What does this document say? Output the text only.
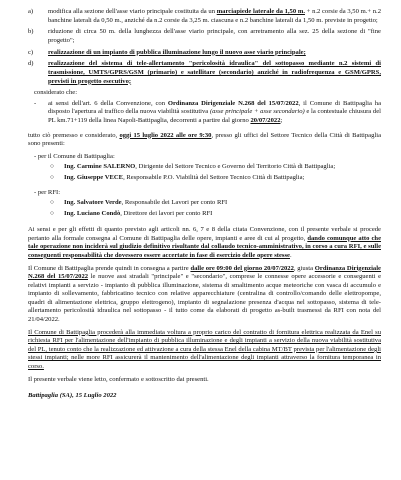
a)	modifica alla sezione dell'asse viario principale costituita da un marciapiede laterale da 1,50 m. + n.2 corsie da 3,50 m.+ n.2 banchine laterali da 0,50 m., anziché da n.2 corsie da 3,25 m. ciascuna e n.2 banchine laterali da 1,50 m. previste in progetto;
b)	riduzione di circa 50 m. della lunghezza dell'asse viario principale, con arretramento alla sez. 25 della sezione di "fine progetto";
c)	realizzazione di un impianto di pubblica illuminazione lungo il nuovo asse viario principale;
d)	realizzazione del sistema di tele-allertamento "pericolosità idraulica" del sottopasso mediante n.2 sistemi di trasmissione, UMTS/GPRS/GSM (primario) e satellitare (secondario) anziché in radiofrequenza e GSM/GPRS, previsti in progetto esecutivo;

considerato che:

-	ai sensi dell'art. 6 della Convenzione, con Ordinanza Dirigenziale N.268 del 15/07/2022, il Comune di Battipaglia ha disposto l'apertura al traffico della nuova viabilità sostitutiva (asse principale + asse secondario) e la contestuale chiusura del PL km.71+119 della linea Napoli-Battipaglia, decorrenti a partire dal giorno 20/07/2022;

tutto ciò premesso e considerato, oggi 15 luglio 2022 alle ore 9:30, presso gli uffici del Settore Tecnico della Città di Battipaglia sono presenti:

- per il Comune di Battipaglia:

○	Ing. Carmine SALERNO, Dirigente del Settore Tecnico e Governo del Territorio Città di Battipaglia;
○	Ing. Giuseppe VECE, Responsabile P.O. Viabilità del Settore Tecnico Città di Battipaglia;

- per RFI:

○	Ing. Salvatore Verde, Responsabile dei Lavori per conto RFI
○	Ing. Luciano Condò, Direttore dei lavori per conto RFI

Ai sensi e per gli effetti di quanto previsto agli articoli nn. 6, 7 e 8 della citata Convenzione, con il presente verbale si procede pertanto alla formale consegna al Comune di Battipaglia delle opere, impianti e aree di cui al progetto, dando comunque atto che tale operazione non inciderà sul giudizio definitivo risultante dal collaudo tecnico-amministrativo, in corso a cura RFI, e sulle conseguenti responsabilità che dovessero essere accertate in fase di esercizio delle opere stesse.

Il Comune di Battipaglia prende quindi in consegna a partire dalle ore 09:00 del giorno 20/07/2022, giusta Ordinanza Dirigenziale N.268 del 15/07/2022 le nuove assi stradali "principale" e "secondario", comprese le connesse opere accessorie e conseguenti e relativi impianti a servizio - impianto di pubblica illuminazione, sistema di smaltimento acque meteoriche con vasca di accumulo e impianto di sollevamento, fabbricatino tecnico con relative apparecchiature (centralina di controllo/comando delle elettropompe, quadri di alimentazione elettrica, gruppo elettrogeno), impianto di segnalazione presenza d'acqua nel sottopasso, sistema di tele-allertamento pericolosità idraulica nel sottopasso - il tutto come da elaborati di progetto as-built trasmessi da RFI con nota del 21/04/2022.

Il Comune di Battipaglia procederà alla immediata voltura a proprio carico del contratto di fornitura elettrica realizzata da Enel su richiesta RFI per l'alimentazione dell'impianto di pubblica illuminazione e degli impianti a servizio della nuova viabilità sostitutiva del PL, tenuto conto che la realizzazione ed attivazione a cura della stessa Enel della cabina MT/BT prevista per l'alimentazione degli stessi impianti; nelle more RFI assicurerà il mantenimento dell'alimentazione degli impianti attraverso la fornitura temporanea in corso.

Il presente verbale viene letto, confermato e sottoscritto dai presenti.

Battipaglia (SA), 15 Luglio 2022
